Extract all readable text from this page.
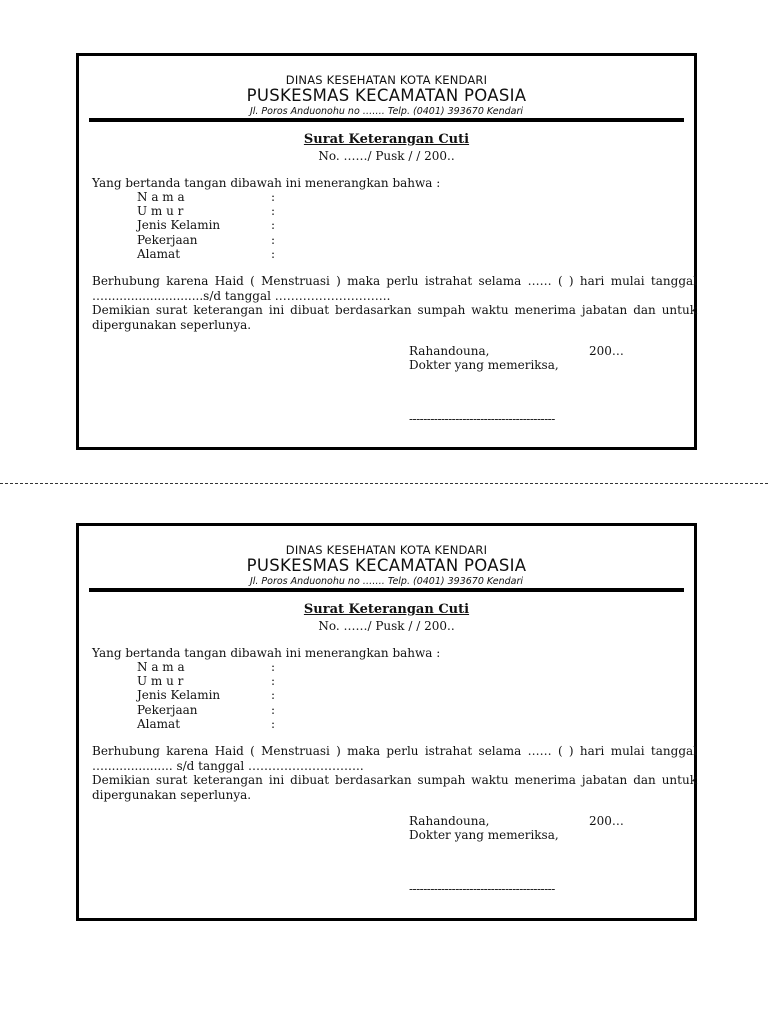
DINAS KESEHATAN KOTA KENDARI
PUSKESMAS KECAMATAN POASIA
Jl. Poros Anduonohu no ……. Telp. (0401) 393670 Kendari
Surat Keterangan Cuti
No. ……/ Pusk / / 200..
Yang bertanda tangan dibawah ini menerangkan bahwa :
N a m a	:
U m u r	:
Jenis Kelamin	:
Pekerjaan	:
Alamat	:
Berhubung karena Haid ( Menstruasi ) maka perlu istrahat selama …… ( ) hari mulai tanggal …..........................s/d tanggal ………………………..
Demikian surat keterangan ini dibuat berdasarkan sumpah waktu menerima jabatan dan untuk dipergunakan seperlunya.
Rahandouna,	200…
Dokter yang memeriksa,
-----------------------------------------
DINAS KESEHATAN KOTA KENDARI
PUSKESMAS KECAMATAN POASIA
Jl. Poros Anduonohu no ……. Telp. (0401) 393670 Kendari
Surat Keterangan Cuti
No. ……/ Pusk / / 200..
Yang bertanda tangan dibawah ini menerangkan bahwa :
N a m a	:
U m u r	:
Jenis Kelamin	:
Pekerjaan	:
Alamat	:
Berhubung karena Haid ( Menstruasi ) maka perlu istrahat selama …… ( ) hari mulai tanggal ….................. s/d tanggal ………………………..
Demikian surat keterangan ini dibuat berdasarkan sumpah waktu menerima jabatan dan untuk dipergunakan seperlunya.
Rahandouna,	200…
Dokter yang memeriksa,
-----------------------------------------
